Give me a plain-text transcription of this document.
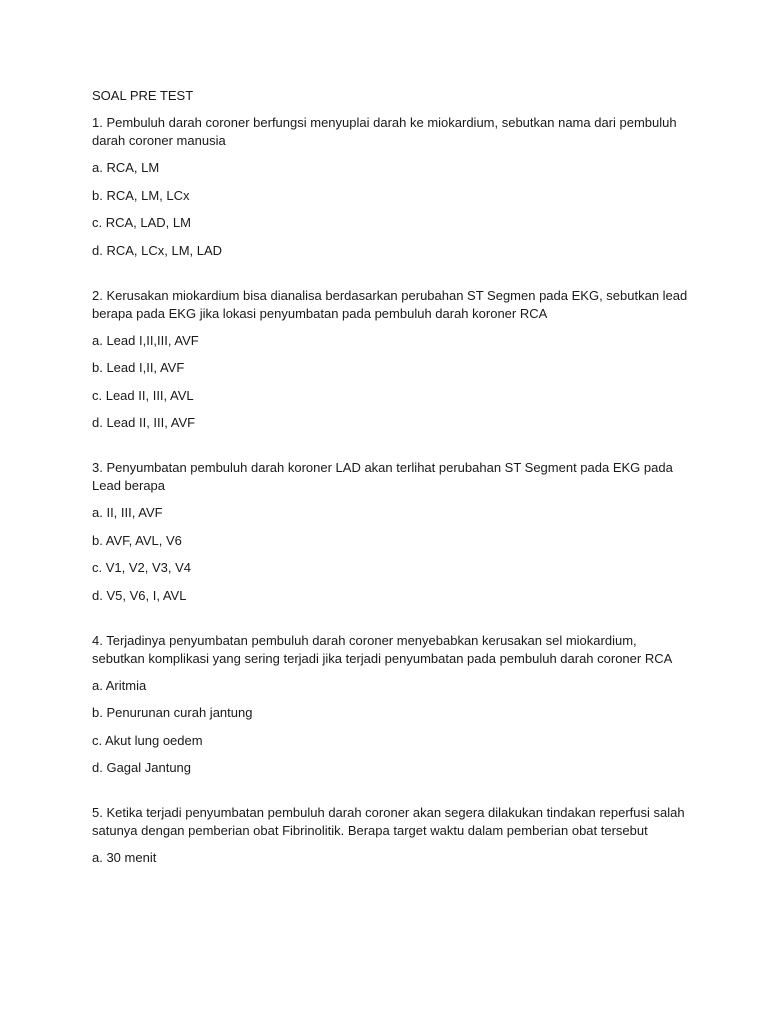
SOAL PRE TEST

1. Pembuluh darah coroner berfungsi menyuplai darah ke miokardium, sebutkan nama dari pembuluh darah coroner manusia

a. RCA, LM

b. RCA, LM, LCx

c. RCA, LAD, LM

d. RCA, LCx, LM, LAD

2. Kerusakan miokardium bisa dianalisa berdasarkan perubahan ST Segmen pada EKG, sebutkan lead berapa pada EKG jika lokasi penyumbatan pada pembuluh darah koroner RCA

a. Lead I,II,III, AVF

b. Lead I,II, AVF

c. Lead II, III, AVL

d. Lead II, III, AVF

3. Penyumbatan pembuluh darah koroner LAD akan terlihat perubahan ST Segment pada EKG pada Lead berapa

a. II, III, AVF

b. AVF, AVL, V6

c. V1, V2, V3, V4

d. V5, V6, I, AVL

4. Terjadinya penyumbatan pembuluh darah coroner menyebabkan kerusakan sel miokardium, sebutkan komplikasi yang sering terjadi jika terjadi penyumbatan pada pembuluh darah coroner RCA

a. Aritmia

b. Penurunan curah jantung

c. Akut lung oedem

d. Gagal Jantung

5. Ketika terjadi penyumbatan pembuluh darah coroner akan segera dilakukan tindakan reperfusi salah satunya dengan pemberian obat Fibrinolitik. Berapa target waktu dalam pemberian obat tersebut

a. 30 menit
